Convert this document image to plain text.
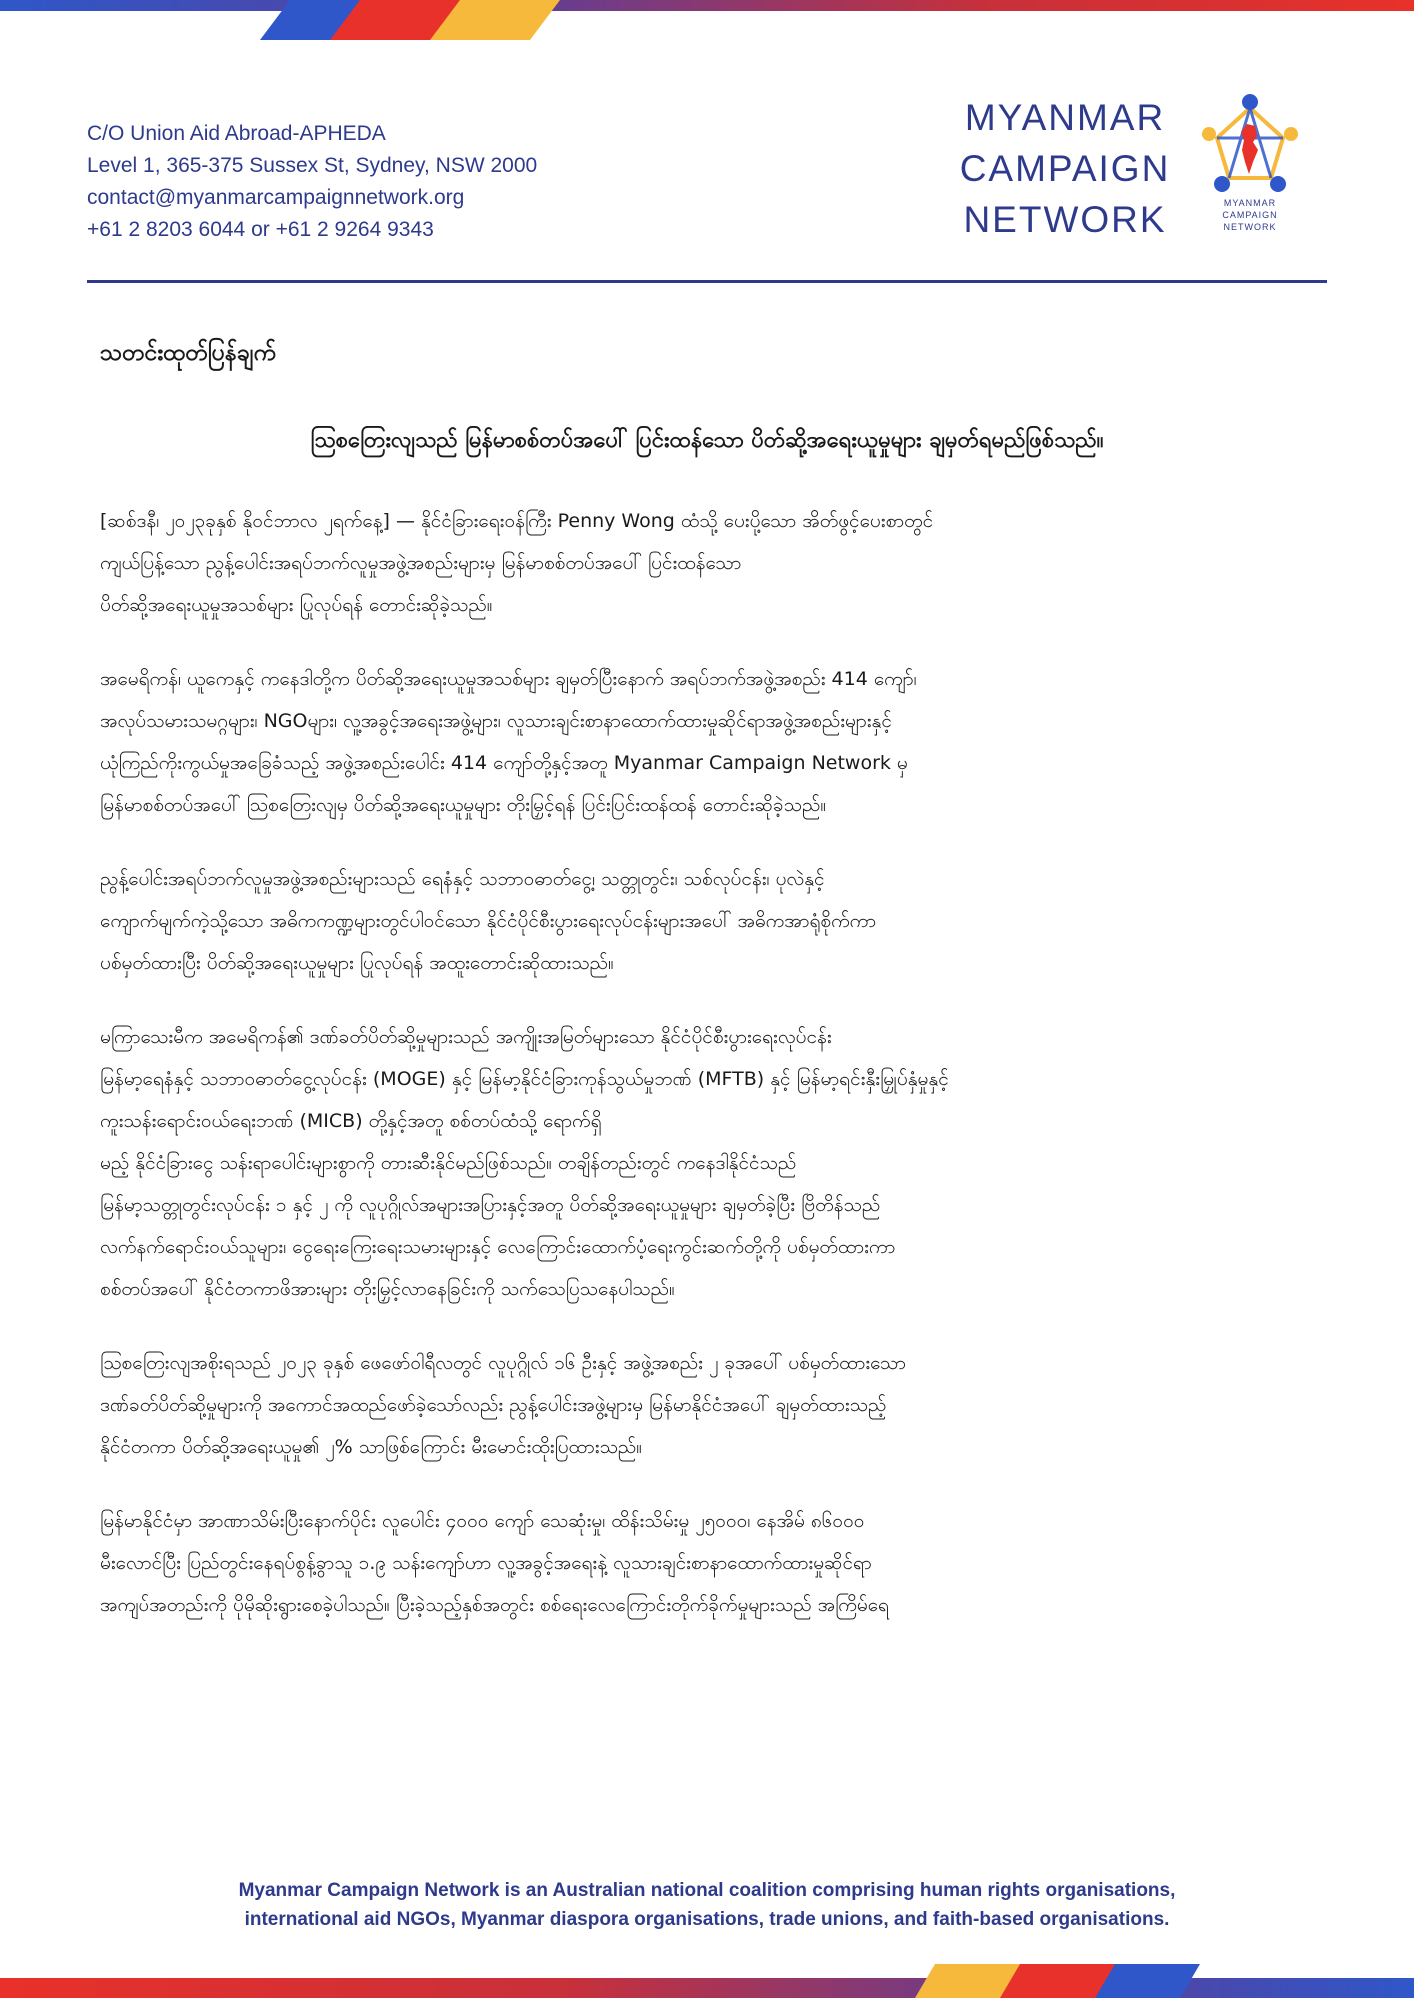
C/O Union Aid Abroad-APHEDA
Level 1, 365-375 Sussex St, Sydney, NSW 2000
contact@myanmarcampaignnetwork.org
+61 2 8203 6044 or +61 2 9264 9343
MYANMAR
CAMPAIGN
NETWORK	MYANMAR
CAMPAIGN
NETWORK
သတင်းထုတ်ပြန်ချက်
ဩစတြေးလျသည် မြန်မာစစ်တပ်အပေါ် ပြင်းထန်သော ပိတ်ဆို့အရေးယူမှုများ ချမှတ်ရမည်ဖြစ်သည်။
[ဆစ်ဒနီ၊ ၂၀၂၃ခုနှစ် နိုဝင်ဘာလ ၂ရက်နေ့] — နိုင်ငံခြားရေးဝန်ကြီး Penny Wong ထံသို့ ပေးပို့သော အိတ်ဖွင့်ပေးစာတွင်
ကျယ်ပြန့်သော ညွန့်ပေါင်းအရပ်ဘက်လူမှုအဖွဲ့အစည်းများမှ မြန်မာစစ်တပ်အပေါ် ပြင်းထန်သော
ပိတ်ဆို့အရေးယူမှုအသစ်များ ပြုလုပ်ရန် တောင်းဆိုခဲ့သည်။
အမေရိကန်၊ ယူကေနှင့် ကနေဒါတို့က ပိတ်ဆို့အရေးယူမှုအသစ်များ ချမှတ်ပြီးနောက် အရပ်ဘက်အဖွဲ့အစည်း 414 ကျော်၊
အလုပ်သမားသမဂ္ဂများ၊ NGOများ၊ လူ့အခွင့်အရေးအဖွဲ့များ၊ လူသားချင်းစာနာထောက်ထားမှုဆိုင်ရာအဖွဲ့အစည်းများနှင့်
ယုံကြည်ကိုးကွယ်မှုအခြေခံသည့် အဖွဲ့အစည်းပေါင်း 414 ကျော်တို့နှင့်အတူ Myanmar Campaign Network မှ
မြန်မာစစ်တပ်အပေါ် ဩစတြေးလျမှ ပိတ်ဆို့အရေးယူမှုများ တိုးမြှင့်ရန် ပြင်းပြင်းထန်ထန် တောင်းဆိုခဲ့သည်။
ညွန့်ပေါင်းအရပ်ဘက်လူမှုအဖွဲ့အစည်းများသည် ရေနံနှင့် သဘာဝဓာတ်ငွေ့၊ သတ္တုတွင်း၊ သစ်လုပ်ငန်း၊ ပုလဲနှင့်
ကျောက်မျက်ကဲ့သို့သော အဓိကကဏ္ဍများတွင်ပါဝင်သော နိုင်ငံပိုင်စီးပွားရေးလုပ်ငန်းများအပေါ် အဓိကအာရုံစိုက်ကာ
ပစ်မှတ်ထားပြီး ပိတ်ဆို့အရေးယူမှုများ ပြုလုပ်ရန် အထူးတောင်းဆိုထားသည်။
မကြာသေးမီက အမေရိကန်၏ ဒဏ်ခတ်ပိတ်ဆို့မှုများသည် အကျိုးအမြတ်များသော နိုင်ငံပိုင်စီးပွားရေးလုပ်ငန်း
မြန်မာ့ရေနံနှင့် သဘာဝဓာတ်ငွေ့လုပ်ငန်း (MOGE) နှင့် မြန်မာ့နိုင်ငံခြားကုန်သွယ်မှုဘဏ် (MFTB) နှင့် မြန်မာ့ရင်းနှီးမြှုပ်နှံမှုနှင့်
ကူးသန်းရောင်းဝယ်ရေးဘဏ် (MICB) တို့နှင့်အတူ စစ်တပ်ထံသို့ ရောက်ရှိ
မည့် နိုင်ငံခြားငွေ သန်းရာပေါင်းများစွာကို တားဆီးနိုင်မည်ဖြစ်သည်။ တချိန်တည်းတွင် ကနေဒါနိုင်ငံသည်
မြန်မာ့သတ္တုတွင်းလုပ်ငန်း ၁ နှင့် ၂ ကို လူပုဂ္ဂိုလ်အများအပြားနှင့်အတူ ပိတ်ဆို့အရေးယူမှုများ ချမှတ်ခဲ့ပြီး ဗြိတိန်သည်
လက်နက်ရောင်းဝယ်သူများ၊ ငွေရေးကြေးရေးသမားများနှင့် လေကြောင်းထောက်ပံ့ရေးကွင်းဆက်တို့ကို ပစ်မှတ်ထားကာ
စစ်တပ်အပေါ် နိုင်ငံတကာဖိအားများ တိုးမြှင့်လာနေခြင်းကို သက်သေပြသနေပါသည်။
ဩစတြေးလျအစိုးရသည် ၂၀၂၃ ခုနှစ် ဖေဖော်ဝါရီလတွင် လူပုဂ္ဂိုလ် ၁၆ ဦးနှင့် အဖွဲ့အစည်း ၂ ခုအပေါ် ပစ်မှတ်ထားသော
ဒဏ်ခတ်ပိတ်ဆို့မှုများကို အကောင်အထည်ဖော်ခဲ့သော်လည်း ညွန့်ပေါင်းအဖွဲ့များမှ မြန်မာနိုင်ငံအပေါ် ချမှတ်ထားသည့်
နိုင်ငံတကာ ပိတ်ဆို့အရေးယူမှု၏ ၂% သာဖြစ်ကြောင်း မီးမောင်းထိုးပြထားသည်။
မြန်မာနိုင်ငံမှာ အာဏာသိမ်းပြီးနောက်ပိုင်း လူပေါင်း ၄၀၀၀ ကျော် သေဆုံးမှု၊ ထိန်းသိမ်းမှု ၂၅၀၀၀၊ နေအိမ် ၈၆၀၀၀
မီးလောင်ပြီး ပြည်တွင်းနေရပ်စွန့်ခွာသူ ၁.၉ သန်းကျော်ဟာ လူ့အခွင့်အရေးနဲ့ လူသားချင်းစာနာထောက်ထားမှုဆိုင်ရာ
အကျပ်အတည်းကို ပိုမိုဆိုးရွားစေခဲ့ပါသည်။ ပြီးခဲ့သည့်နှစ်အတွင်း စစ်ရေးလေကြောင်းတိုက်ခိုက်မှုများသည် အကြိမ်ရေ
Myanmar Campaign Network is an Australian national coalition comprising human rights organisations,
international aid NGOs, Myanmar diaspora organisations, trade unions, and faith-based organisations.
